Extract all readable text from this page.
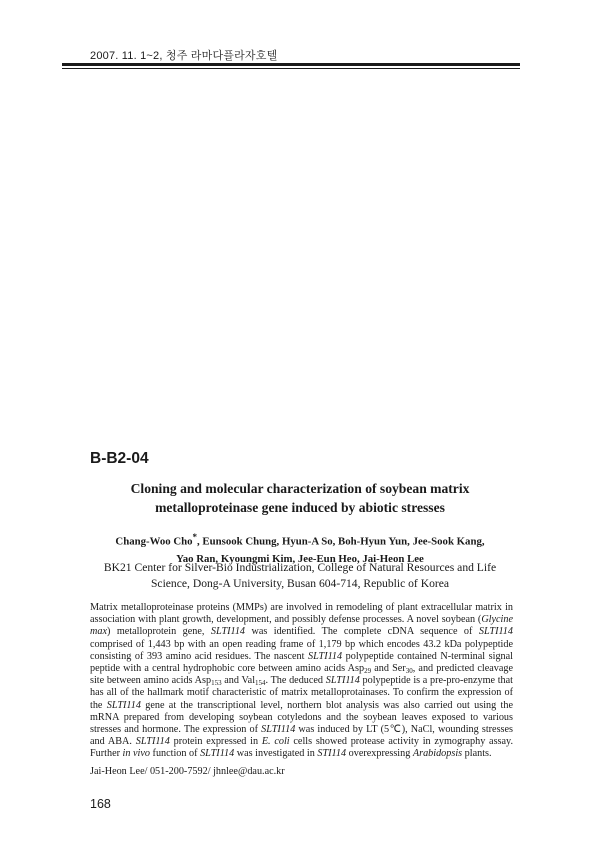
2007. 11. 1~2, 청주 라마다플라자호텔
B-B2-04
Cloning and molecular characterization of soybean matrix
metalloproteinase gene induced by abiotic stresses
Chang-Woo Cho*, Eunsook Chung, Hyun-A So, Boh-Hyun Yun, Jee-Sook Kang,
Yao Ran, Kyoungmi Kim, Jee-Eun Heo, Jai-Heon Lee
BK21 Center for Silver-Bio Industrialization, College of Natural Resources and Life
Science, Dong-A University, Busan 604-714, Republic of Korea

Matrix metalloproteinase proteins (MMPs) are involved in remodeling of plant extracellular matrix in association with plant growth, development, and possibly defense processes. A novel soybean (Glycine max) metalloprotein gene, SLTI114 was identified. The complete cDNA sequence of SLTI114 comprised of 1,443 bp with an open reading frame of 1,179 bp which encodes 43.2 kDa polypeptide consisting of 393 amino acid residues. The nascent SLTI114 polypeptide contained N-terminal signal peptide with a central hydrophobic core between amino acids Asp$_{29}$ and Ser$_{30}$, and predicted cleavage site between amino acids Asp$_{153}$ and Val$_{154}$. The deduced SLTI114 polypeptide is a pre-pro-enzyme that has all of the hallmark motif characteristic of matrix metalloprotainases. To confirm the expression of the SLTI114 gene at the transcriptional level, northern blot analysis was also carried out using the mRNA prepared from developing soybean cotyledons and the soybean leaves exposed to various stresses and hormone. The expression of SLTI114 was induced by LT (5℃), NaCl, wounding stresses and ABA. SLTI114 protein expressed in E. coli cells showed protease activity in zymography assay. Further in vivo function of SLTI114 was investigated in STI114 overexpressing Arabidopsis plants.

Jai-Heon Lee/ 051-200-7592/ jhnlee@dau.ac.kr
168
